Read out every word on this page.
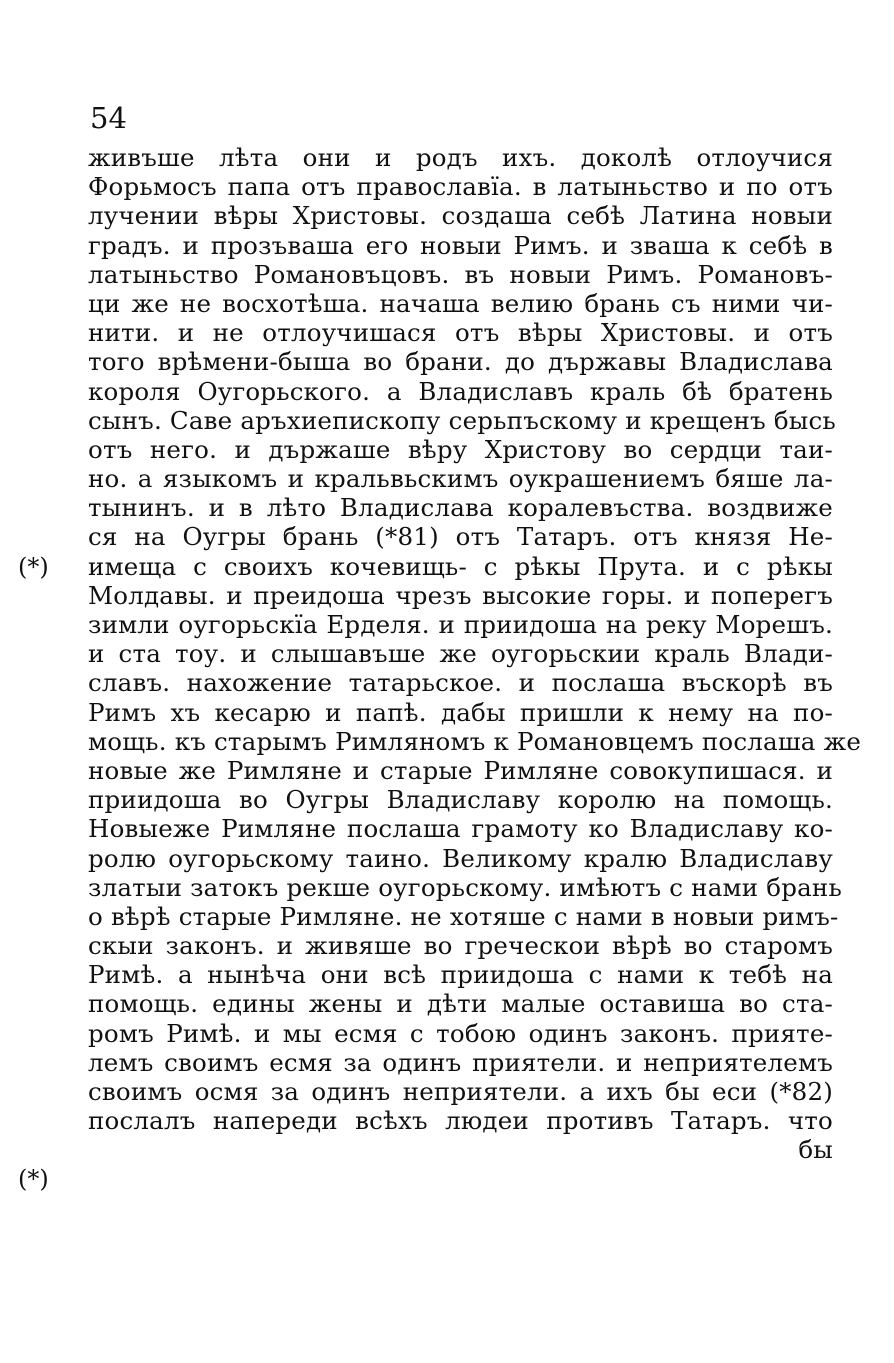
54
(*)
(*)
живъше лѣта они и родъ ихъ. доколѣ отлоучися
Форьмосъ папа отъ православїа. в латыньство и по отъ
лучении вѣры Христовы. создаша себѣ Латина новыи
градъ. и прозъваша его новыи Римъ. и зваша к себѣ в
латыньство Романовъцовъ. въ новыи Римъ. Романовъ-
ци же не восхотѣша. начаша велию брань съ ними чи-
нити. и не отлоучишася отъ вѣры Христовы. и отъ
того врѣмени-быша во брани. до държавы Владислава
короля Оугорьского. а Владиславъ краль бѣ братень
сынъ. Саве аръхиепископу серьпъскому и крещенъ бысь
отъ него. и държаше вѣру Христову во сердци таи-
но. а языкомъ и кральвьскимъ оукрашениемъ бяше ла-
тынинъ. и в лѣто Владислава коралевъства. воздвиже
ся на Оугры брань (*81) отъ Татаръ. отъ князя Не-
имеща с своихъ кочевищь- с рѣкы Прута. и с рѣкы
Молдавы. и преидоша чрезъ высокие горы. и поперегъ
зимли оугорьскїа Ерделя. и приидоша на реку Морешъ.
и ста тоу. и слышавъше же оугорьскии краль Влади-
славъ. нахожение татарьское. и послаша въскорѣ въ
Римъ хъ кесарю и папѣ. дабы пришли к нему на по-
мощь. къ старымъ Римляномъ к Романовцемъ послаша же
новые же Римляне и старые Римляне совокупишася. и
приидоша во Оугры Владиславу королю на помощь.
Новыеже Римляне послаша грамоту ко Владиславу ко-
ролю оугорьскому таино. Великому кралю Владиславу
златыи затокъ рекше оугорьскому. имѣютъ с нами брань
о вѣрѣ старые Римляне. не хотяше с нами в новыи римъ-
скыи законъ. и живяше во греческои вѣрѣ во старомъ
Римѣ. а нынѣча они всѣ приидоша с нами к тебѣ на
помощь. едины жены и дѣти малые оставиша во ста-
ромъ Римѣ. и мы есмя с тобою одинъ законъ. прияте-
лемъ своимъ есмя за одинъ приятели. и неприятелемъ
своимъ осмя за одинъ неприятели. а ихъ бы еси (*82)
послалъ напереди всѣхъ людеи противъ Татаръ. что
бы
